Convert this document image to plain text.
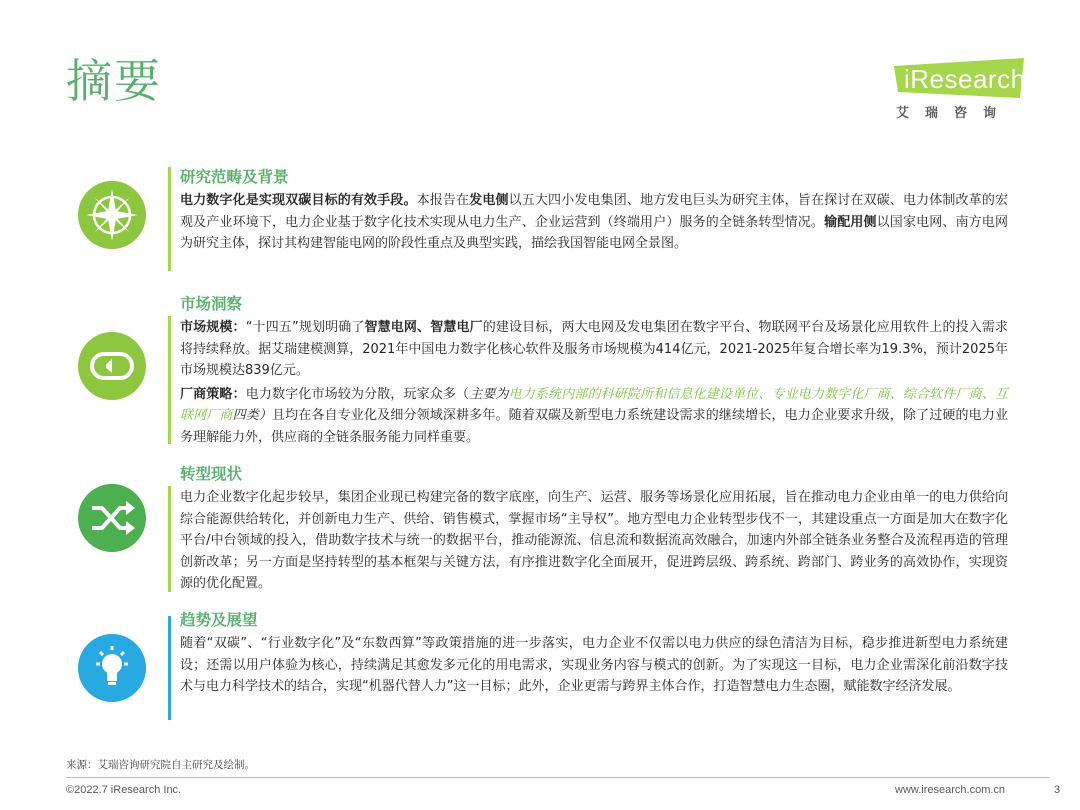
摘要	iResearch
艾瑞咨询
研究范畴及背景

电力数字化是实现双碳目标的有效手段。本报告在发电侧以五大四小发电集团、地方发电巨头为研究主体，旨在探讨在双碳、电力体制改革的宏观及产业环境下，电力企业基于数字化技术实现从电力生产、企业运营到（终端用户）服务的全链条转型情况。输配用侧以国家电网、南方电网为研究主体，探讨其构建智能电网的阶段性重点及典型实践，描绘我国智能电网全景图。

市场洞察

市场规模：“十四五”规划明确了智慧电网、智慧电厂的建设目标，两大电网及发电集团在数字平台、物联网平台及场景化应用软件上的投入需求将持续释放。据艾瑞建模测算，2021年中国电力数字化核心软件及服务市场规模为414亿元，2021-2025年复合增长率为19.3%，预计2025年市场规模达839亿元。

厂商策略：电力数字化市场较为分散，玩家众多（主要为电力系统内部的科研院所和信息化建设单位、专业电力数字化厂商、综合软件厂商、互联网厂商四类）且均在各自专业化及细分领域深耕多年。随着双碳及新型电力系统建设需求的继续增长，电力企业要求升级，除了过硬的电力业务理解能力外，供应商的全链条服务能力同样重要。

转型现状

电力企业数字化起步较早，集团企业现已构建完备的数字底座，向生产、运营、服务等场景化应用拓展，旨在推动电力企业由单一的电力供给向综合能源供给转化，并创新电力生产、供给、销售模式，掌握市场“主导权”。地方型电力企业转型步伐不一，其建设重点一方面是加大在数字化平台/中台领域的投入，借助数字技术与统一的数据平台，推动能源流、信息流和数据流高效融合，加速内外部全链条业务整合及流程再造的管理创新改革；另一方面是坚持转型的基本框架与关键方法，有序推进数字化全面展开，促进跨层级、跨系统、跨部门、跨业务的高效协作，实现资源的优化配置。

趋势及展望

随着“双碳”、“行业数字化”及“东数西算”等政策措施的进一步落实，电力企业不仅需以电力供应的绿色清洁为目标，稳步推进新型电力系统建设；还需以用户体验为核心，持续满足其愈发多元化的用电需求，实现业务内容与模式的创新。为了实现这一目标，电力企业需深化前沿数字技术与电力科学技术的结合，实现“机器代替人力”这一目标；此外，企业更需与跨界主体合作，打造智慧电力生态圈，赋能数字经济发展。

来源：艾瑞咨询研究院自主研究及绘制。
©2022.7 iResearch Inc.	www.iresearch.com.cn	3
